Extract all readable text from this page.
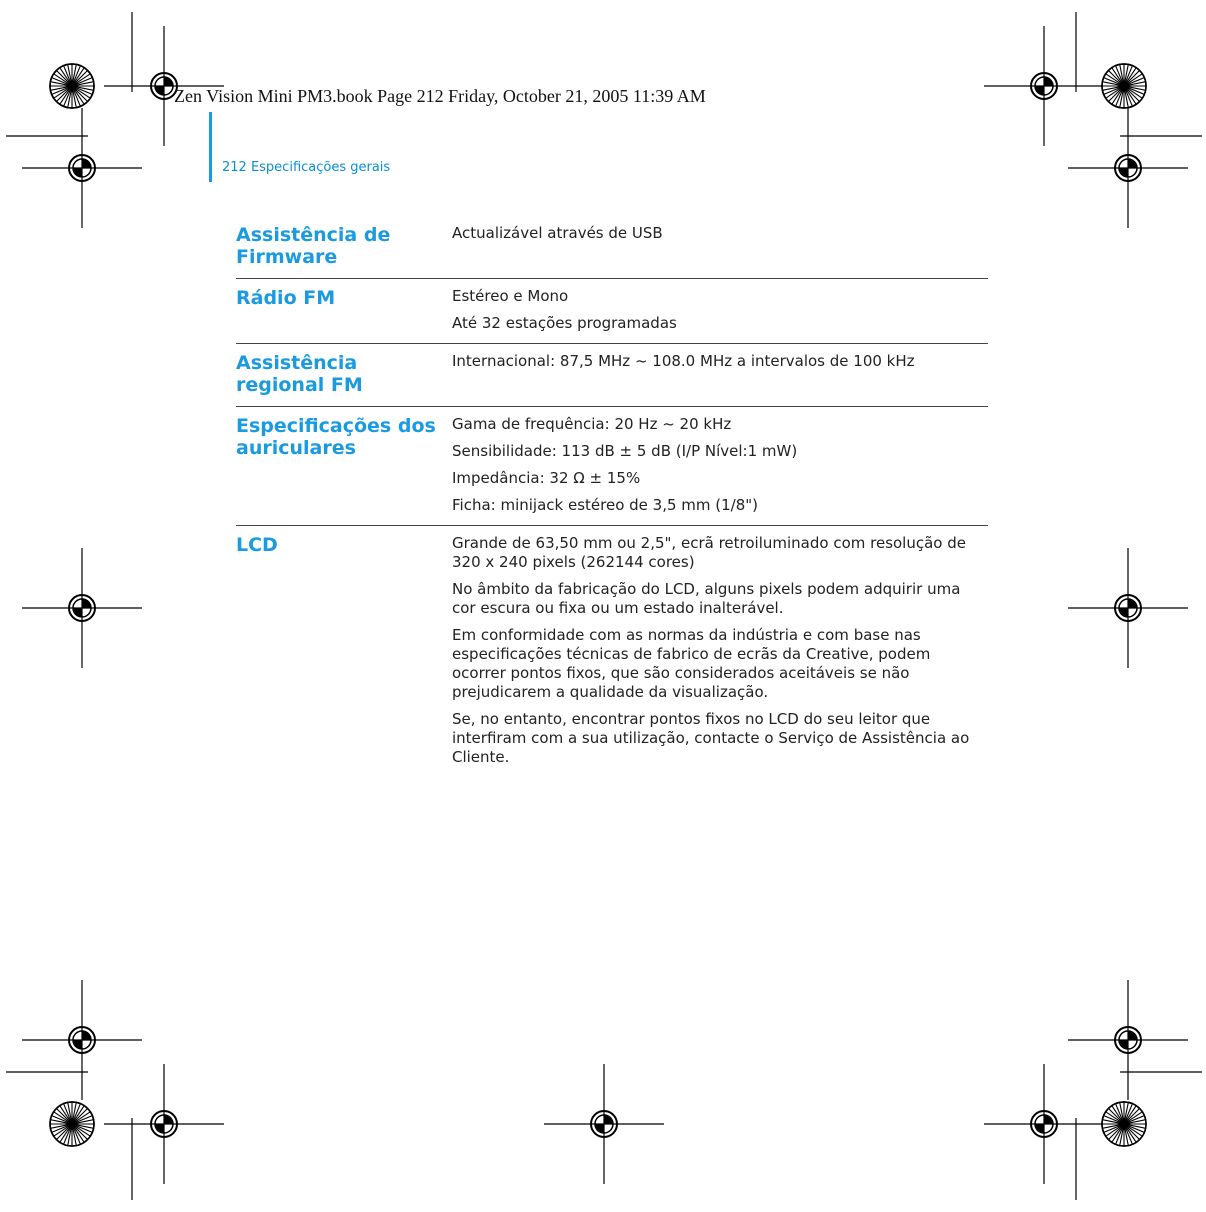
Zen Vision Mini PM3.book Page 212 Friday, October 21, 2005 11:39 AM
212 Especificações gerais
Assistência de Firmware

Actualizável através de USB

Rádio FM	Estéreo e Mono

Até 32 estações programadas

Assistência regional FM

Internacional: 87,5 MHz ~ 108.0 MHz a intervalos de 100 kHz

Especificações dos auriculares

Gama de frequência: 20 Hz ~ 20 kHz

Sensibilidade: 113 dB ± 5 dB (I/P Nível:1 mW)

Impedância: 32 Ω ± 15%

Ficha: minijack estéreo de 3,5 mm (1/8")

LCD	Grande de 63,50 mm ou 2,5", ecrã retroiluminado com resolução de 320 x 240 pixels (262144 cores)

No âmbito da fabricação do LCD, alguns pixels podem adquirir uma cor escura ou fixa ou um estado inalterável.

Em conformidade com as normas da indústria e com base nas especificações técnicas de fabrico de ecrãs da Creative, podem ocorrer pontos fixos, que são considerados aceitáveis se não prejudicarem a qualidade da visualização.

Se, no entanto, encontrar pontos fixos no LCD do seu leitor que interfiram com a sua utilização, contacte o Serviço de Assistência ao Cliente.
